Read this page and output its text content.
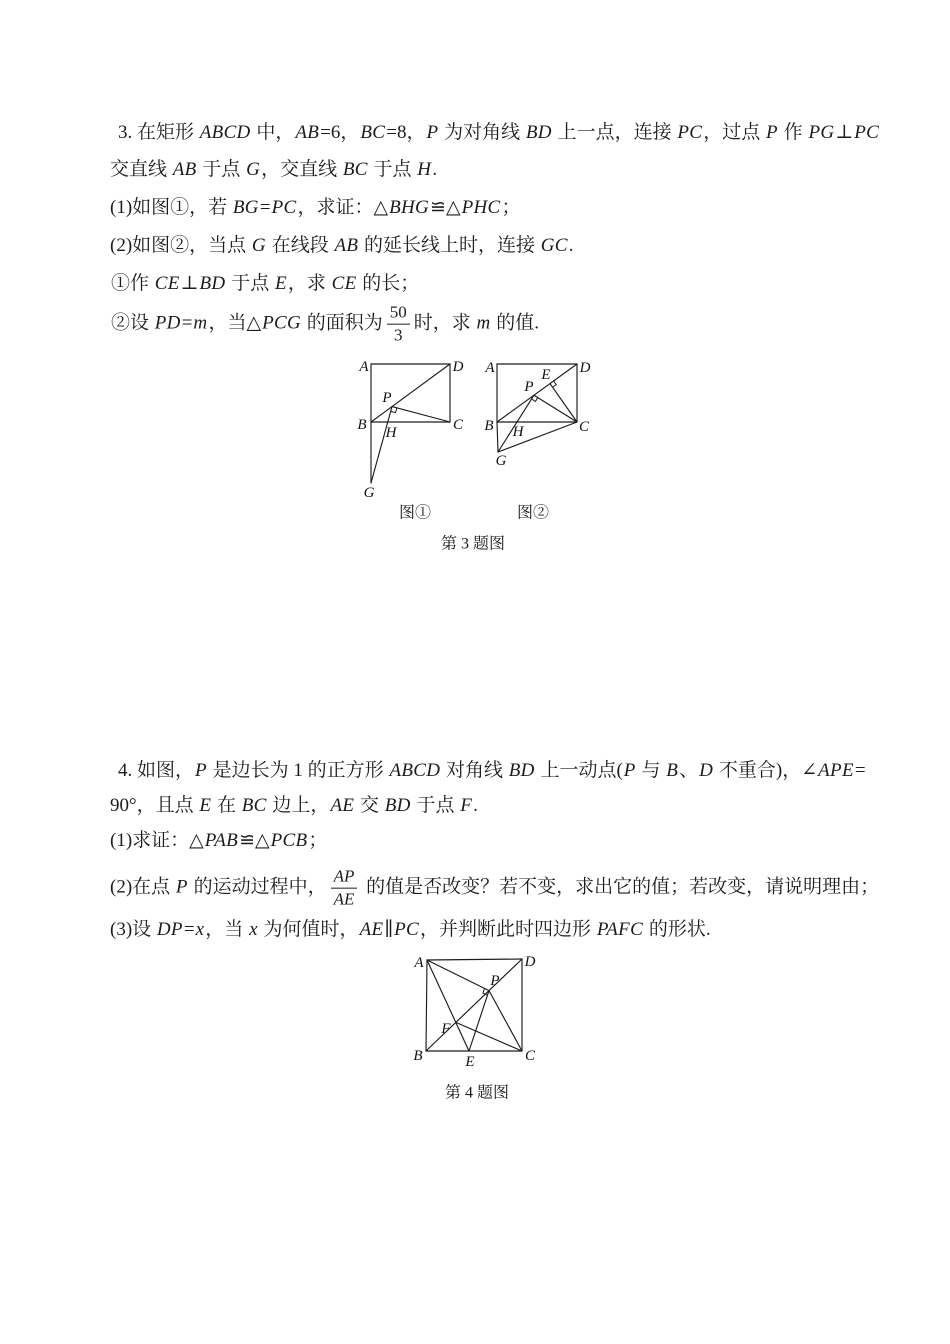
3. 在矩形 ABCD 中， AB =6， BC =8， P 为对角线 BD 上一点，连接 PC ，过点 P 作 PG ⊥ PC
交直线 AB 于点 G ，交直线 BC 于点 H .
(1)如图①，若 BG = PC ，求证：△ BHG ≌△ PHC ；
(2)如图②，当点 G 在线段 AB 的延长线上时，连接 GC .
①作 CE ⊥ BD 于点 E ，求 CE 的长；
②设 PD = m ，当△ PCG 的面积为 $\frac{50}{3}$ 时，求 m 的值.
4. 如图， P 是边长为 1 的正方形 ABCD 对角线 BD 上一动点( P 与 B 、 D 不重合)，∠ APE =
90°，且点 E 在 BC 边上， AE 交 BD 于点 F .
(1)求证：△ PAB ≌△ PCB ；
(2)在点 P 的运动过程中， $\frac{AP}{AE}$ 的值是否改变？若不变，求出它的值；若改变，请说明理由；
(3)设 DP = x ，当 x 为何值时， AE ∥ PC ，并判断此时四边形 PAFC 的形状.
A	D
B	C
P
H
G
A	D
B	C
E
P
H
G
A	D
B	C
P
F
E
图①	图②
第 3 题图
第 4 题图
